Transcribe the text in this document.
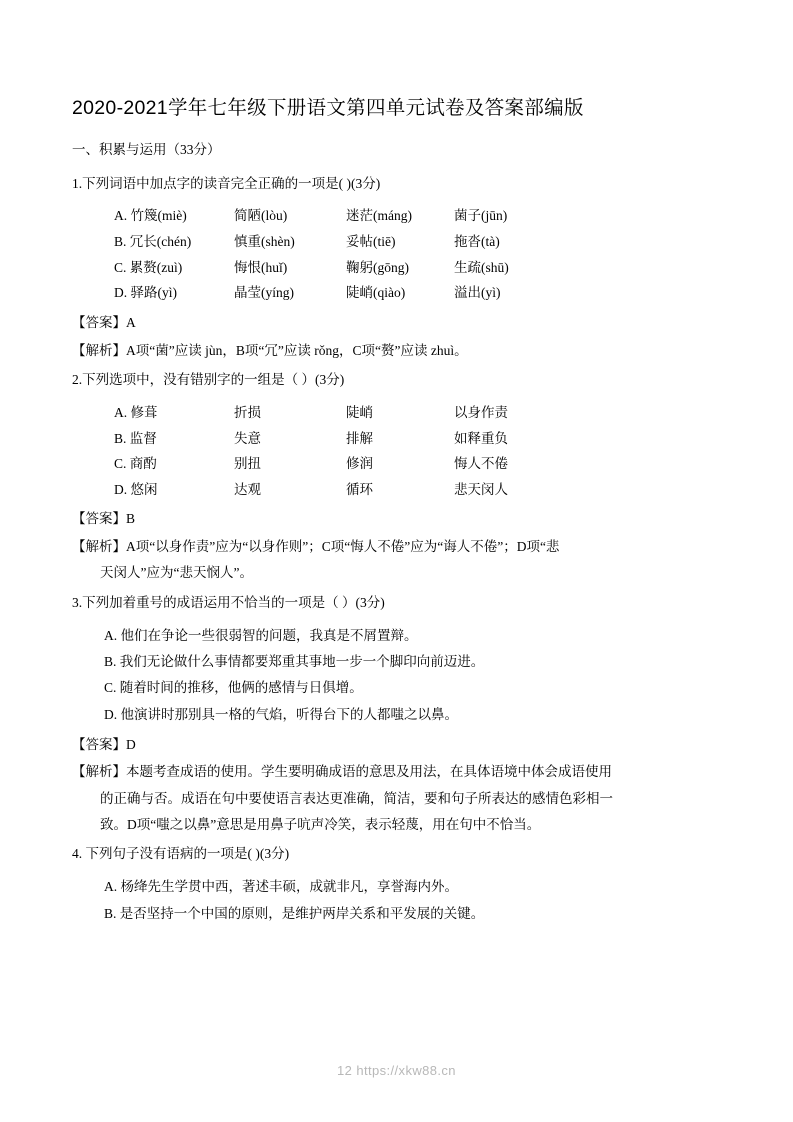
2020-2021学年七年级下册语文第四单元试卷及答案部编版
一、积累与运用（33分）
1.下列词语中加点字的读音完全正确的一项是( )(3分)
A. 竹篾(miè)	简陋(lòu)	迷茫(máng)	菌子(jūn)
B. 冗长(chén)	慎重(shèn)	妥帖(tiē)	拖沓(tà)
C. 累赘(zuì)	悔恨(huǐ)	鞠躬(gōng)	生疏(shū)
D. 驿路(yì)	晶莹(yíng)	陡峭(qiào)	溢出(yì)
【答案】A
【解析】A项“菌”应读 jùn，B项“冗”应读 rǒng，C项“赘”应读 zhuì。
2.下列选项中，没有错别字的一组是（ ）(3分)
A. 修葺	折损	陡峭	以身作责
B. 监督	失意	排解	如释重负
C. 商酌	别扭	修润	悔人不倦
D. 悠闲	达观	循环	悲天闵人
【答案】B
【解析】A项“以身作责”应为“以身作则”；C项“悔人不倦”应为“诲人不倦”；D项“悲
天闵人”应为“悲天悯人”。
3.下列加着重号的成语运用不恰当的一项是（ ）(3分)
A. 他们在争论一些很弱智的问题，我真是不屑置辩。
B. 我们无论做什么事情都要郑重其事地一步一个脚印向前迈进。
C. 随着时间的推移，他俩的感情与日俱增。
D. 他演讲时那别具一格的气焰，听得台下的人都嗤之以鼻。
【答案】D
【解析】本题考查成语的使用。学生要明确成语的意思及用法，在具体语境中体会成语使用
的正确与否。成语在句中要使语言表达更准确，简洁，要和句子所表达的感情色彩相一
致。D项“嗤之以鼻”意思是用鼻子吭声冷笑，表示轻蔑，用在句中不恰当。
4. 下列句子没有语病的一项是( )(3分)
A. 杨绛先生学贯中西，著述丰硕，成就非凡，享誉海内外。
B. 是否坚持一个中国的原则，是维护两岸关系和平发展的关键。
12 https://xkw88.cn
